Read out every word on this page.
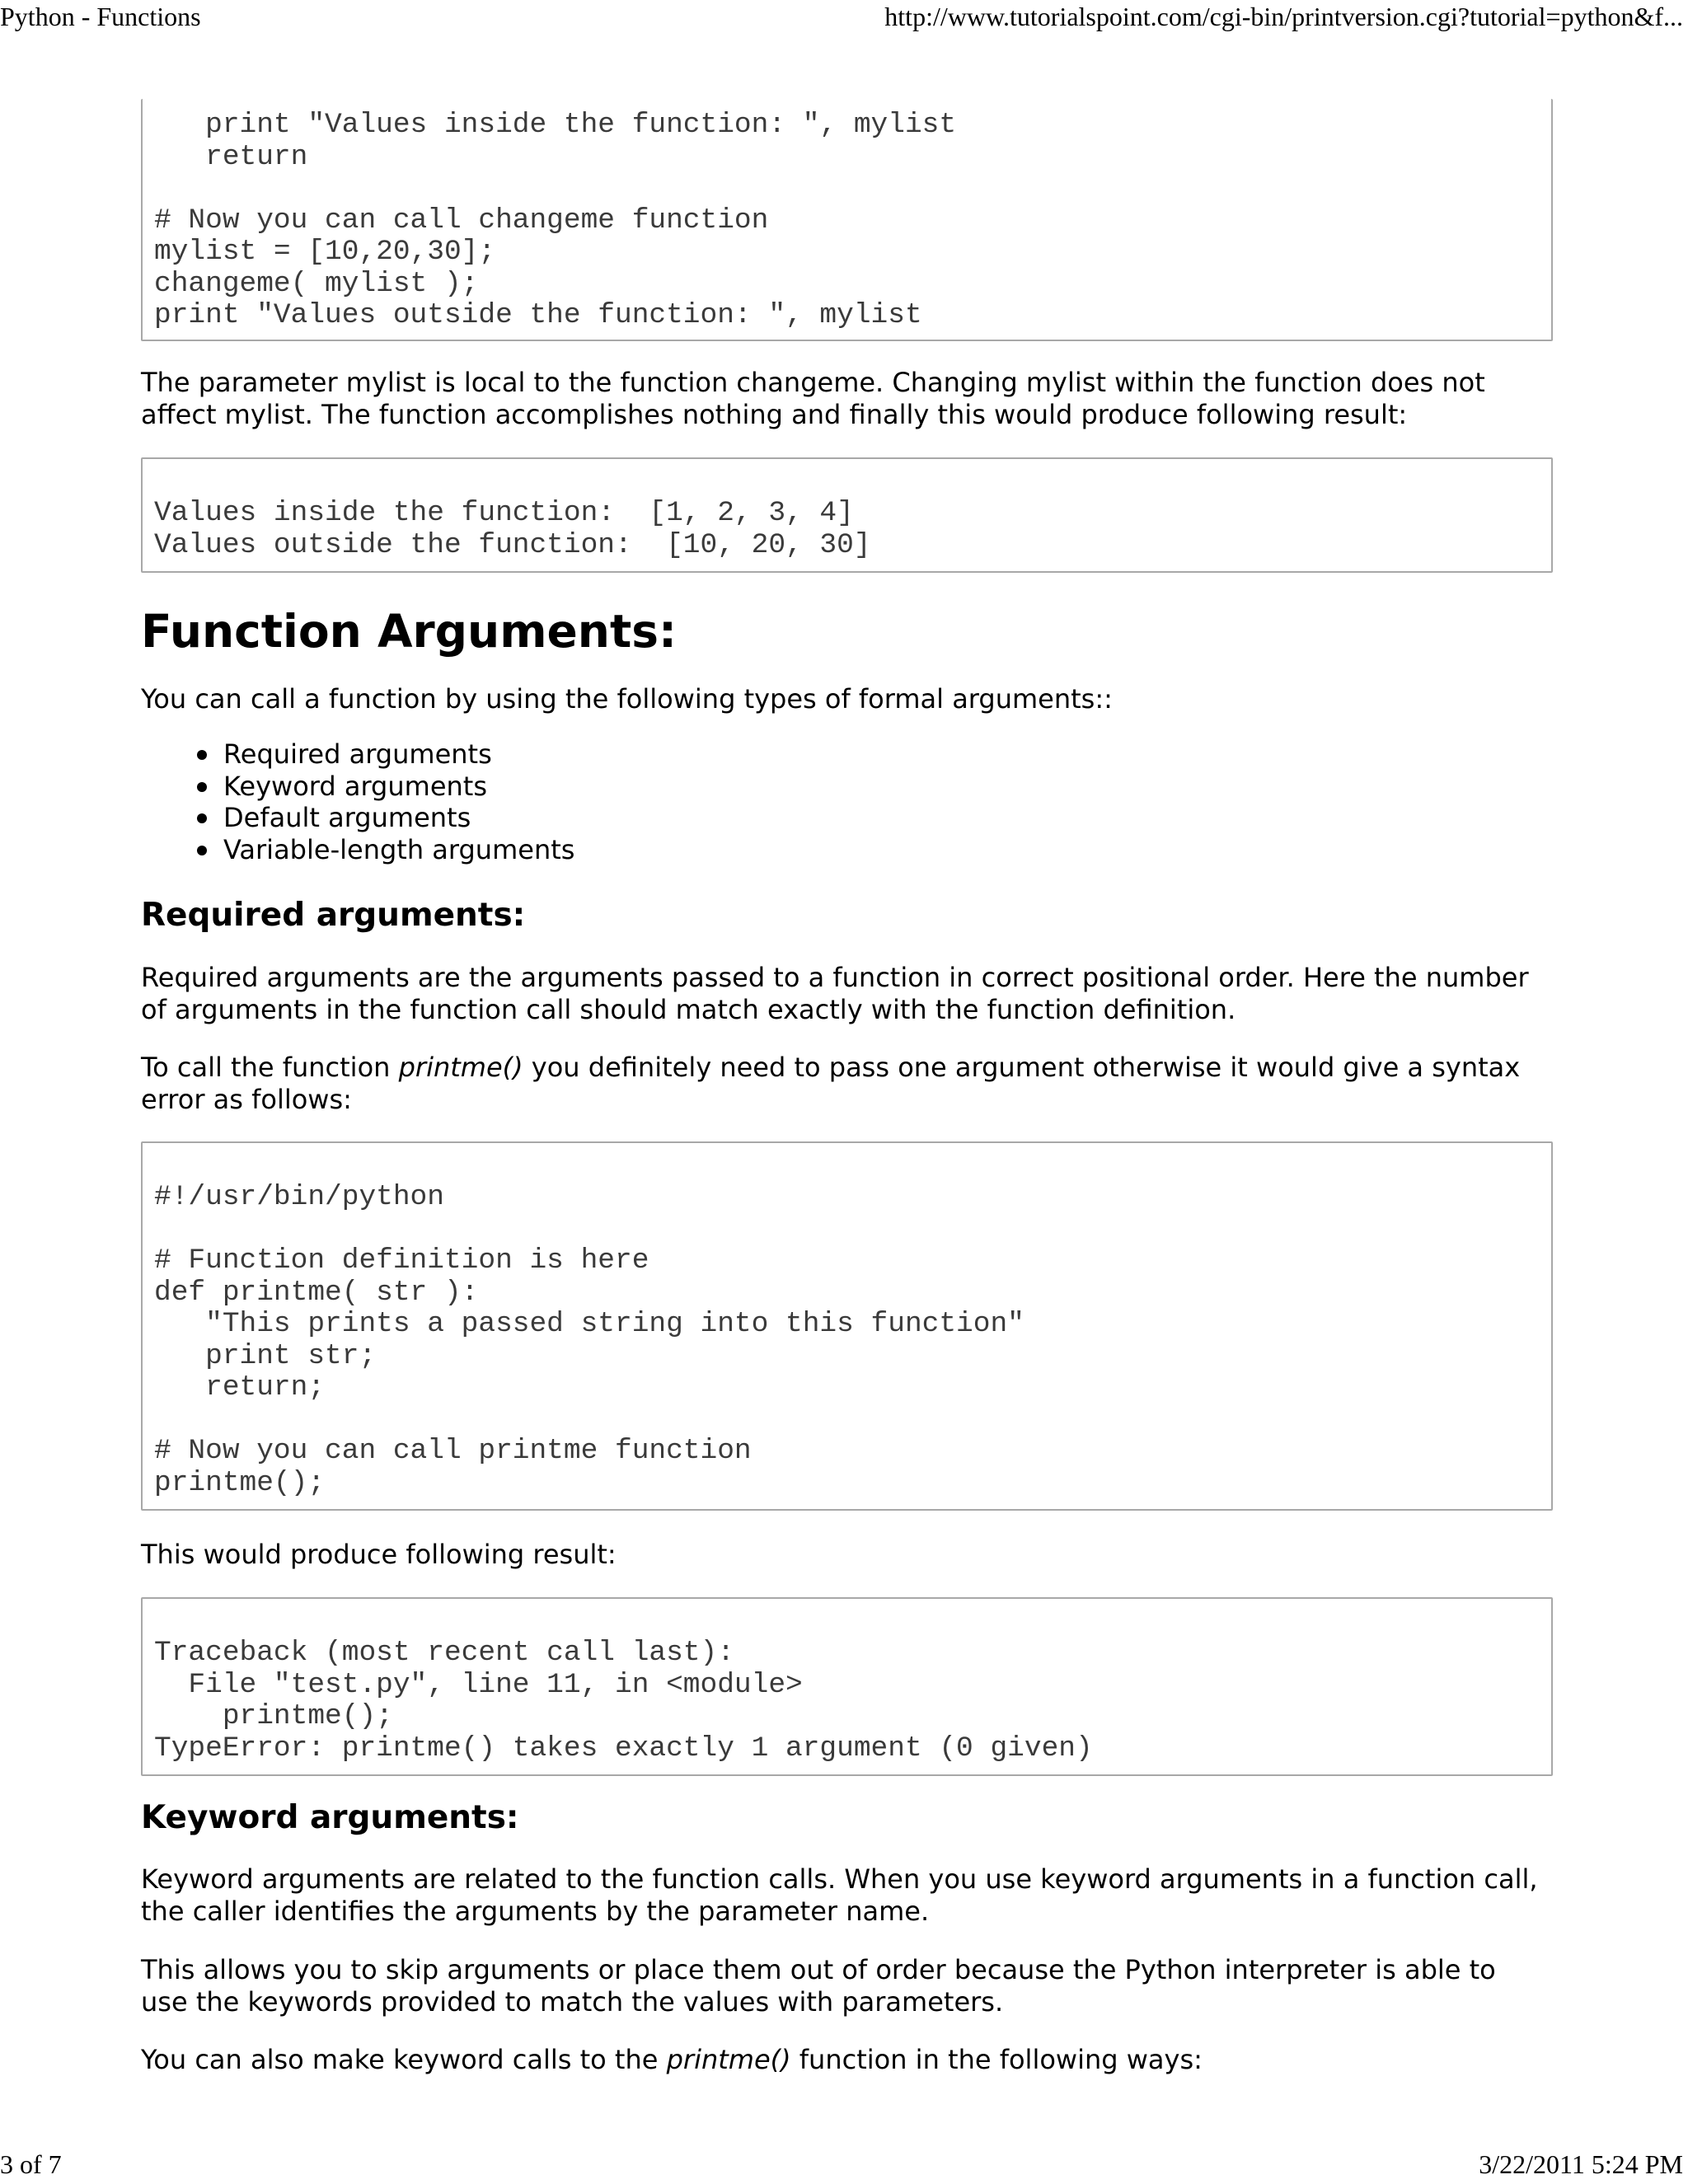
Python - Functions	http://www.tutorialspoint.com/cgi-bin/printversion.cgi?tutorial=python&f...
print "Values inside the function: ", mylist
return

# Now you can call changeme function
mylist = [10,20,30];
changeme( mylist );
print "Values outside the function: ", mylist

The parameter mylist is local to the function changeme. Changing mylist within the function does not
affect mylist. The function accomplishes nothing and finally this would produce following result:

Values inside the function:  [1, 2, 3, 4]
Values outside the function:  [10, 20, 30]
Function Arguments:

You can call a function by using the following types of formal arguments::

Required arguments
Keyword arguments
Default arguments
Variable-length arguments
Required arguments:

Required arguments are the arguments passed to a function in correct positional order. Here the number
of arguments in the function call should match exactly with the function definition.

To call the function printme() you definitely need to pass one argument otherwise it would give a syntax
error as follows:

#!/usr/bin/python

# Function definition is here
def printme( str ):
"This prints a passed string into this function"
print str;
return;

# Now you can call printme function
printme();

This would produce following result:

Traceback (most recent call last):
File "test.py", line 11, in <module>
printme();
TypeError: printme() takes exactly 1 argument (0 given)
Keyword arguments:

Keyword arguments are related to the function calls. When you use keyword arguments in a function call,
the caller identifies the arguments by the parameter name.

This allows you to skip arguments or place them out of order because the Python interpreter is able to
use the keywords provided to match the values with parameters.

You can also make keyword calls to the printme() function in the following ways:

3 of 7	3/22/2011 5:24 PM
